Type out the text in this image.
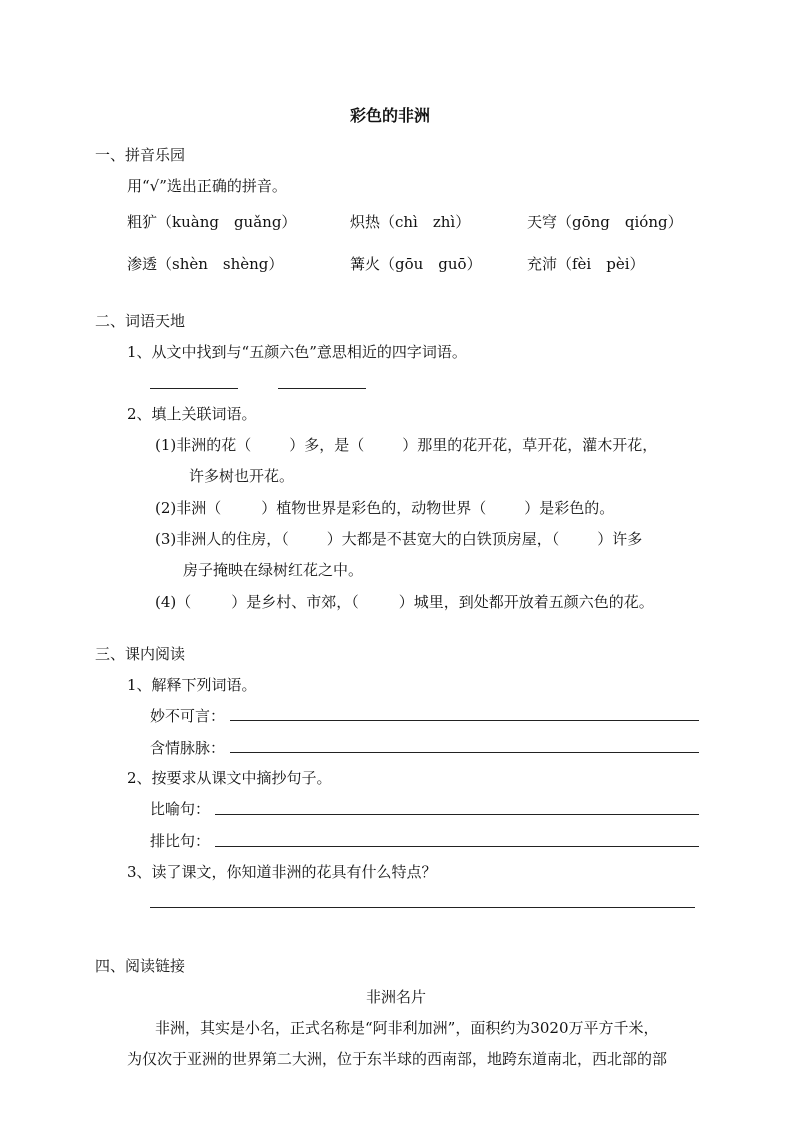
彩色的非洲
一、拼音乐园
用“√”选出正确的拼音。
粗犷（kuàng　guǎng）	炽热（chì　zhì）	天穹（gōng　qióng）
渗透（shèn　shèng）	篝火（gōu　guō）	充沛（fèi　pèi）
二、词语天地
1、从文中找到与“五颜六色”意思相近的四字词语。
2、填上关联词语。
(1)非洲的花（	）多，是（	）那里的花开花，草开花，灌木开花，
许多树也开花。
(2)非洲（	）植物世界是彩色的，动物世界（	）是彩色的。
(3)非洲人的住房，（	）大都是不甚宽大的白铁顶房屋，（	）许多
房子掩映在绿树红花之中。
(4)（	）是乡村、市郊，（	）城里，到处都开放着五颜六色的花。
三、课内阅读
1、解释下列词语。
妙不可言：
含情脉脉：
2、按要求从课文中摘抄句子。
比喻句：
排比句：
3、读了课文，你知道非洲的花具有什么特点？
四、阅读链接
非洲名片
非洲，其实是小名，正式名称是“阿非利加洲”，面积约为3020万平方千米，
为仅次于亚洲的世界第二大洲，位于东半球的西南部，地跨东道南北，西北部的部
